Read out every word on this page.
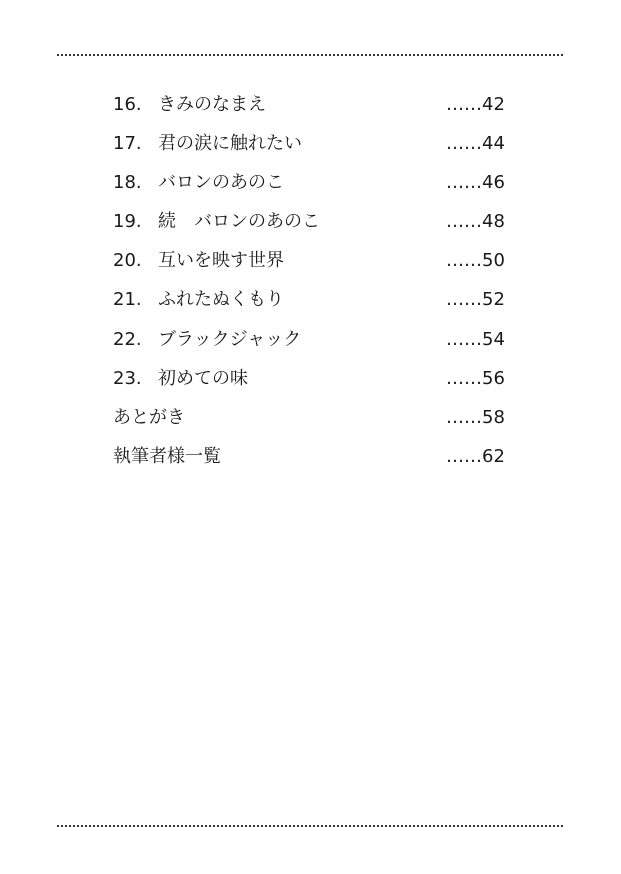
16. きみのなまえ	……42
17. 君の涙に触れたい	……44
18. バロンのあのこ	……46
19. 続　バロンのあのこ	……48
20. 互いを映す世界	……50
21. ふれたぬくもり	……52
22. ブラックジャック	……54
23. 初めての味	……56
あとがき	……58
執筆者様一覧	……62
